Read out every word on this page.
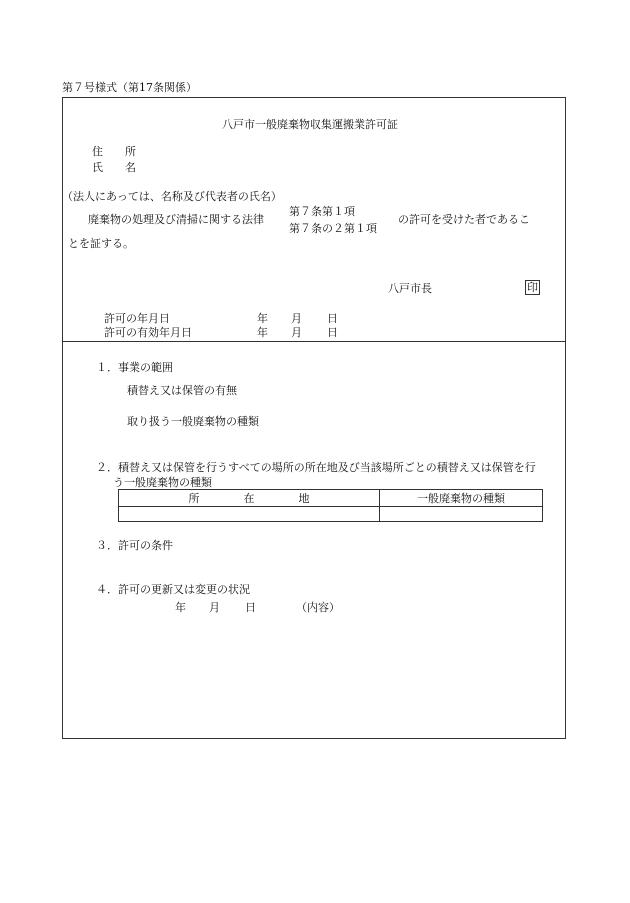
第７号様式（第17条関係）
八戸市一般廃棄物収集運搬業許可証
住　　所
氏　　名
（法人にあっては、名称及び代表者の氏名）
廃棄物の処理及び清掃に関する法律
第７条第１項
第７条の２第１項
の許可を受けた者であるこ
とを証する。
八戸市長	印
許可の年月日	年 月 日
許可の有効年月日	年 月 日
１．事業の範囲
積替え又は保管の有無
取り扱う一般廃棄物の種類
２．積替え又は保管を行うすべての場所の所在地及び当該場所ごとの積替え又は保管を行
う一般廃棄物の種類
所　　　　在　　　　地	一般廃棄物の種類

３．許可の条件
４．許可の更新又は変更の状況
年 月 日	（内容）
